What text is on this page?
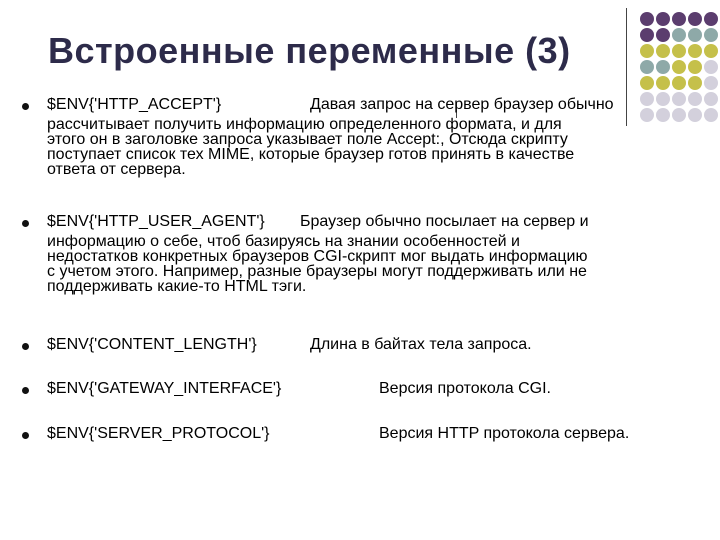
Встроенные переменные (3)
$ENV{'HTTP_ACCEPT'}	Давая запрос на сервер браузер обычно
рассчитывает получить информацию определенного формата, и для
этого он в заголовке запроса указывает поле Accept:, Отсюда скрипту
поступает список тех MIME, которые браузер готов принять в качестве
ответа от сервера.
$ENV{'HTTP_USER_AGENT'} Браузер обычно посылает на сервер и
информацию о себе, чтоб базируясь на знании особенностей и
недостатков конкретных браузеров CGI-скрипт мог выдать информацию
с учетом этого. Например, разные браузеры могут поддерживать или не
поддерживать какие-то HTML тэги.
$ENV{'CONTENT_LENGTH'}	Длина в байтах тела запроса.
$ENV{'GATEWAY_INTERFACE'}	Версия протокола CGI.
$ENV{'SERVER_PROTOCOL'}	Версия HTTP протокола сервера.
